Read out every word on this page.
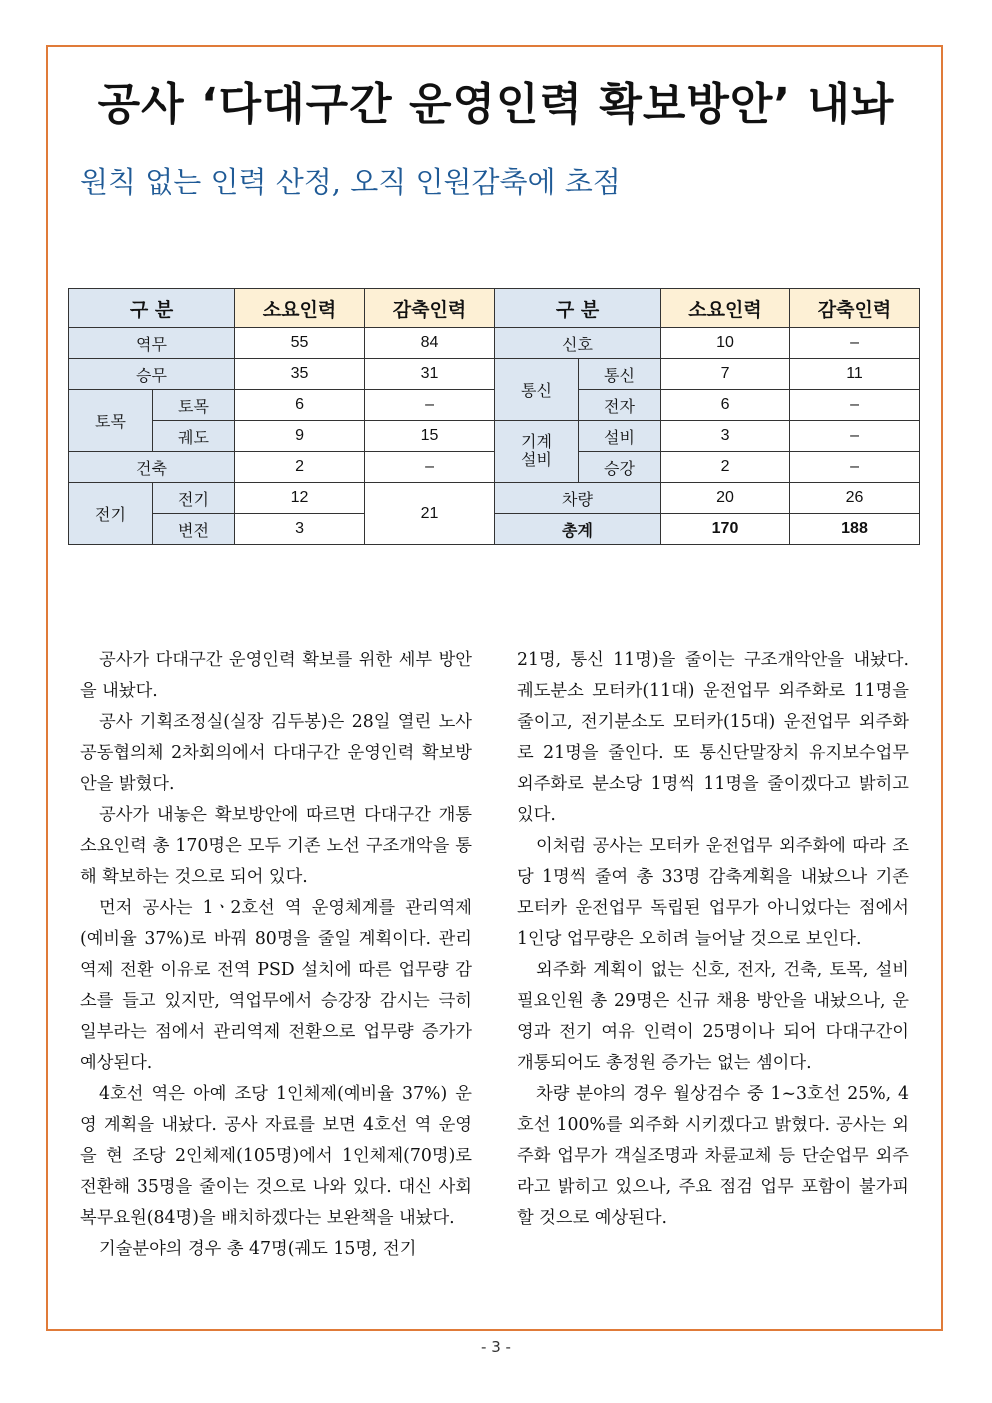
공사 ‘다대구간 운영인력 확보방안’ 내놔
원칙 없는 인력 산정, 오직 인원감축에 초점
구 분		소요인력	감축인력
역무		55	84
승무		35	31
토목	토목	6	–
	궤도	9	15
건축		2	–
전기	전기	12	21
	변전	3	
구 분		소요인력	감축인력
신호		10	–
통신	통신	7	11
	전자	6	–
기계
설비	설비	3	–
	승강	2	–
차량		20	26
총계		170	188

공사가 다대구간 운영인력 확보를 위한 세부 방안을 내놨다.

공사 기획조정실(실장 김두봉)은 28일 열린 노사공동협의체 2차회의에서 다대구간 운영인력 확보방안을 밝혔다.

공사가 내놓은 확보방안에 따르면 다대구간 개통 소요인력 총 170명은 모두 기존 노선 구조개악을 통해 확보하는 것으로 되어 있다.

먼저 공사는 1ㆍ2호선 역 운영체계를 관리역제(예비율 37%)로 바꿔 80명을 줄일 계획이다. 관리역제 전환 이유로 전역 PSD 설치에 따른 업무량 감소를 들고 있지만, 역업무에서 승강장 감시는 극히 일부라는 점에서 관리역제 전환으로 업무량 증가가 예상된다.

4호선 역은 아예 조당 1인체제(예비율 37%) 운영 계획을 내놨다. 공사 자료를 보면 4호선 역 운영을 현 조당 2인체제(105명)에서 1인체제(70명)로 전환해 35명을 줄이는 것으로 나와 있다. 대신 사회복무요원(84명)을 배치하겠다는 보완책을 내놨다.

기술분야의 경우 총 47명(궤도 15명, 전기

21명, 통신 11명)을 줄이는 구조개악안을 내놨다. 궤도분소 모터카(11대) 운전업무 외주화로 11명을 줄이고, 전기분소도 모터카(15대) 운전업무 외주화로 21명을 줄인다. 또 통신단말장치 유지보수업무 외주화로 분소당 1명씩 11명을 줄이겠다고 밝히고 있다.

이처럼 공사는 모터카 운전업무 외주화에 따라 조당 1명씩 줄여 총 33명 감축계획을 내놨으나 기존 모터카 운전업무 독립된 업무가 아니었다는 점에서 1인당 업무량은 오히려 늘어날 것으로 보인다.

외주화 계획이 없는 신호, 전자, 건축, 토목, 설비 필요인원 총 29명은 신규 채용 방안을 내놨으나, 운영과 전기 여유 인력이 25명이나 되어 다대구간이 개통되어도 총정원 증가는 없는 셈이다.

차량 분야의 경우 월상검수 중 1~3호선 25%, 4호선 100%를 외주화 시키겠다고 밝혔다. 공사는 외주화 업무가 객실조명과 차륜교체 등 단순업무 외주라고 밝히고 있으나, 주요 점검 업무 포함이 불가피할 것으로 예상된다.

- 3 -
